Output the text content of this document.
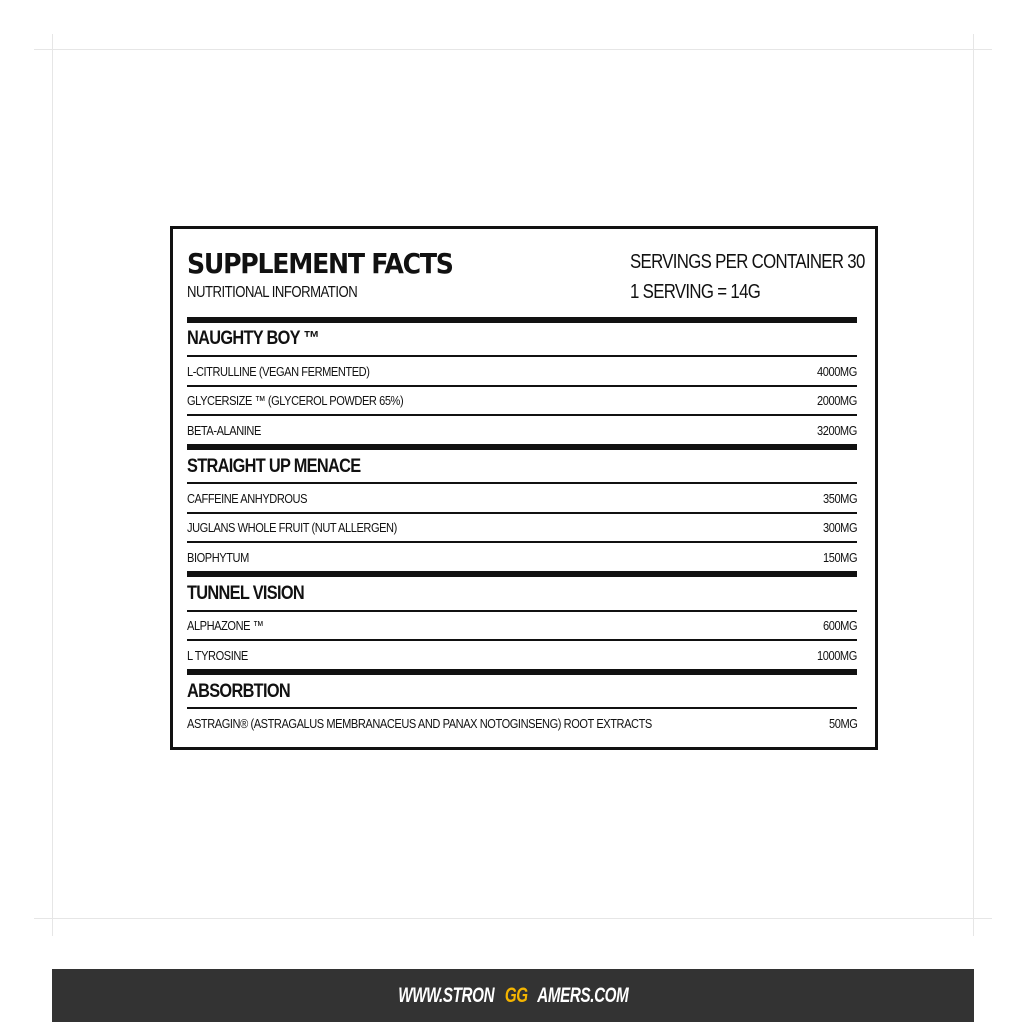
SUPPLEMENT FACTS
NUTRITIONAL INFORMATION
SERVINGS PER CONTAINER 30
1 SERVING = 14G
NAUGHTY BOY ™
L-CITRULLINE (VEGAN FERMENTED)	4000MG
GLYCERSIZE ™ (GLYCEROL POWDER 65%)	2000MG
BETA-ALANINE	3200MG
STRAIGHT UP MENACE
CAFFEINE ANHYDROUS	350MG
JUGLANS WHOLE FRUIT (NUT ALLERGEN)	300MG
BIOPHYTUM	150MG
TUNNEL VISION
ALPHAZONE ™	600MG
L TYROSINE	1000MG
ABSORBTION
ASTRAGIN® (ASTRAGALUS MEMBRANACEUS AND PANAX NOTOGINSENG) ROOT EXTRACTS	50MG
WWW.STRON GG AMERS.COM
